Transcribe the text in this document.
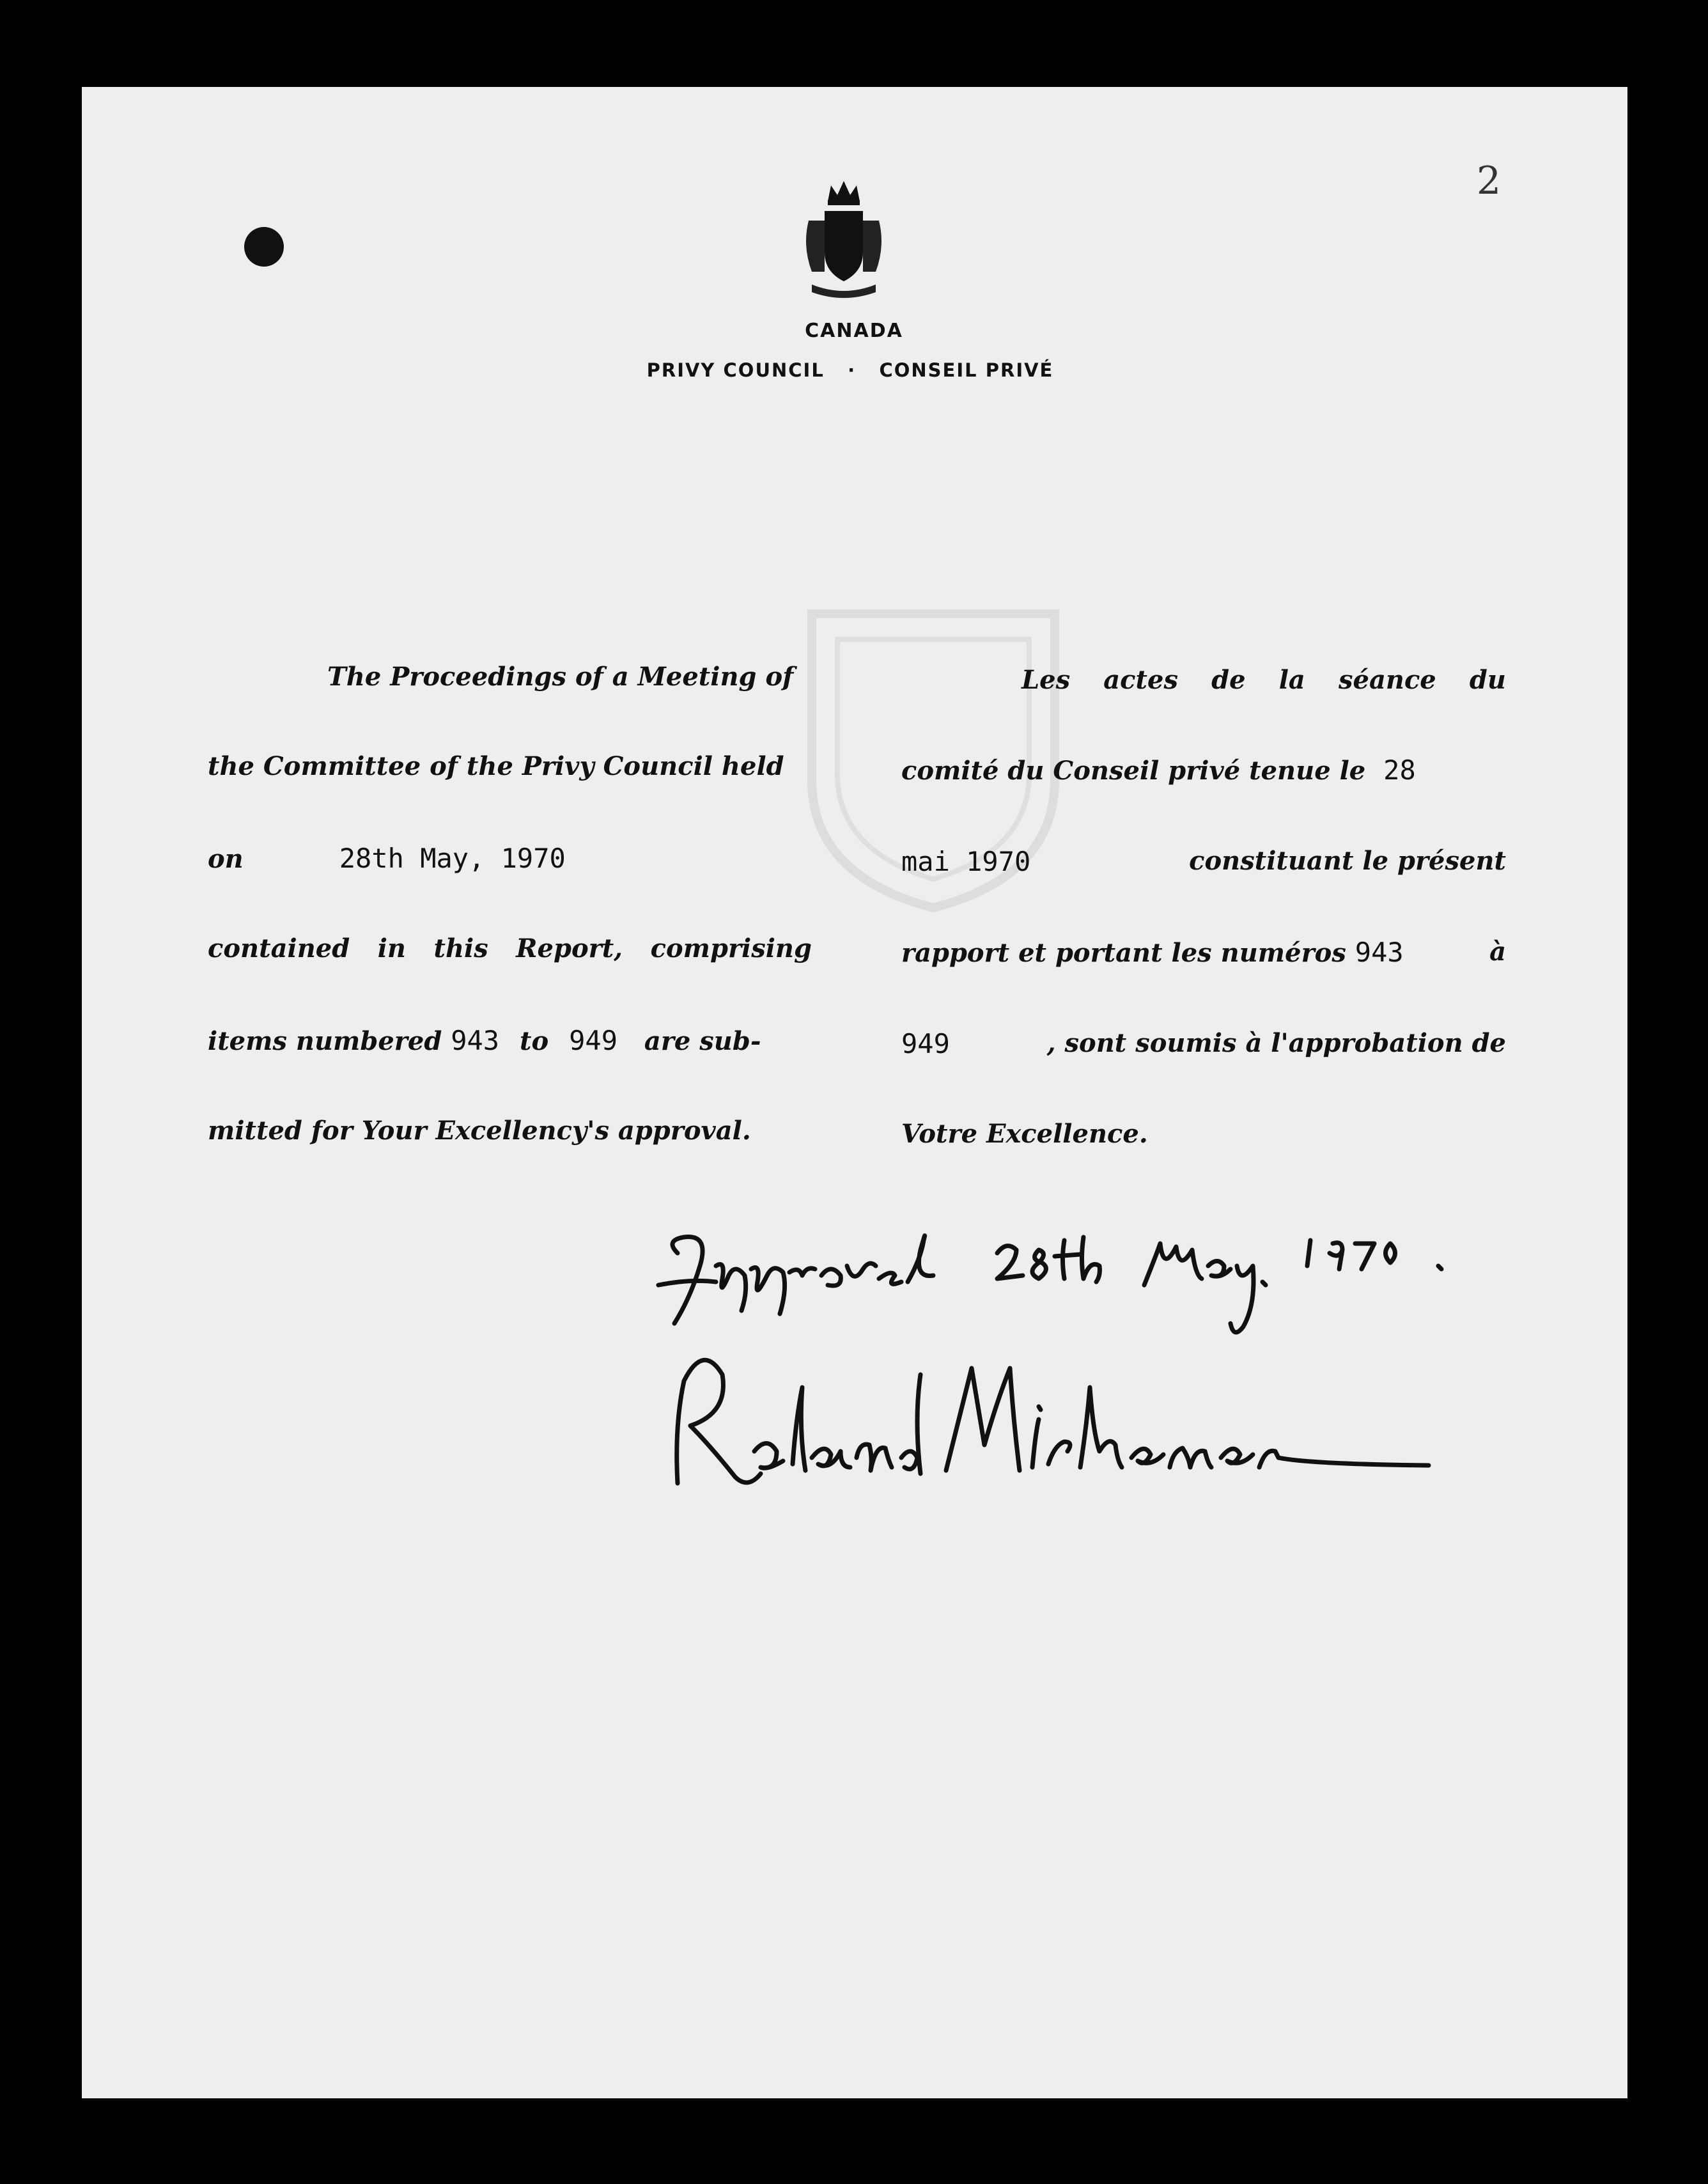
2
CANADA
PRIVY COUNCIL · CONSEIL PRIVÉ
The Proceedings of a Meeting of
the Committee of the Privy Council held
on	28th May, 1970
contained in this Report, comprising
items numbered 943 to 949 are sub-
mitted for Your Excellency's approval.
Les actes de la séance du
comité du Conseil privé tenue le 28
mai 1970	constituant le présent
rapport et portant les numéros 943	à
949	, sont soumis à l'approbation de
Votre Excellence.
